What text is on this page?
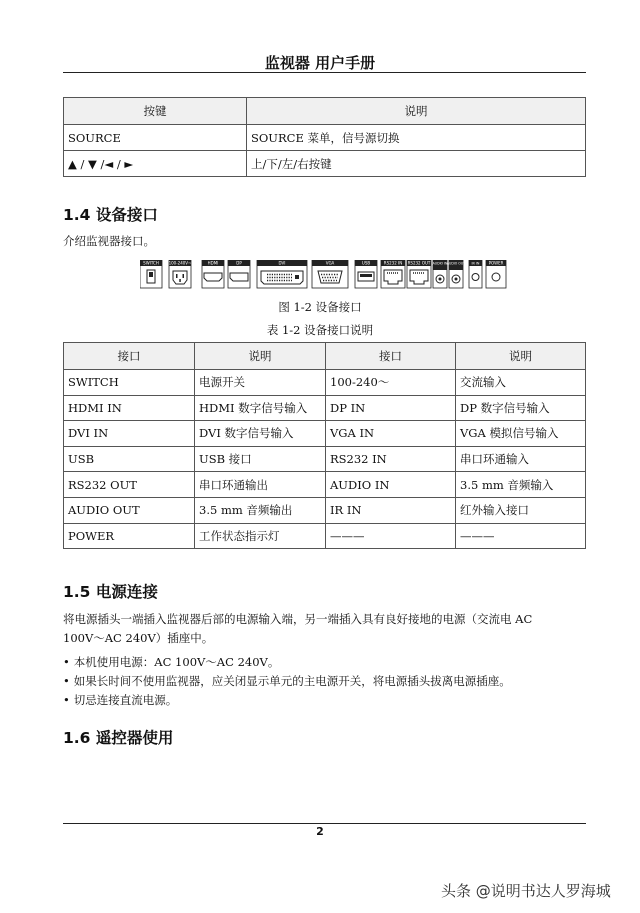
监视器 用户手册
按键	说明
SOURCE	SOURCE 菜单，信号源切换
▲ / ▼ /◄ / ►	上/下/左/右按键
1.4 设备接口
介绍监视器接口。
SWITCH 100-240V~	HDMI	DP	DVI	VGA	USB	RS232 IN RS232 OUT AUDIO IN AUDIO OUT IR IN POWER
图 1-2 设备接口
表 1-2 设备接口说明
接口	说明	接口	说明
SWITCH	电源开关	100-240～	交流输入
HDMI IN	HDMI 数字信号输入	DP IN	DP 数字信号输入
DVI IN	DVI 数字信号输入	VGA IN	VGA 模拟信号输入
USB	USB 接口	RS232 IN	串口环通输入
RS232 OUT	串口环通输出	AUDIO IN	3.5 mm 音频输入
AUDIO OUT	3.5 mm 音频输出	IR IN	红外输入接口
POWER	工作状态指示灯	———	———
1.5 电源连接
将电源插头一端插入监视器后部的电源输入端，另一端插入具有良好接地的电源（交流电 AC
100V～AC 240V）插座中。
• 本机使用电源：AC 100V～AC 240V。
• 如果长时间不使用监视器，应关闭显示单元的主电源开关，将电源插头拔离电源插座。
• 切忌连接直流电源。
1.6 遥控器使用
2
头条 @说明书达人罗海城
